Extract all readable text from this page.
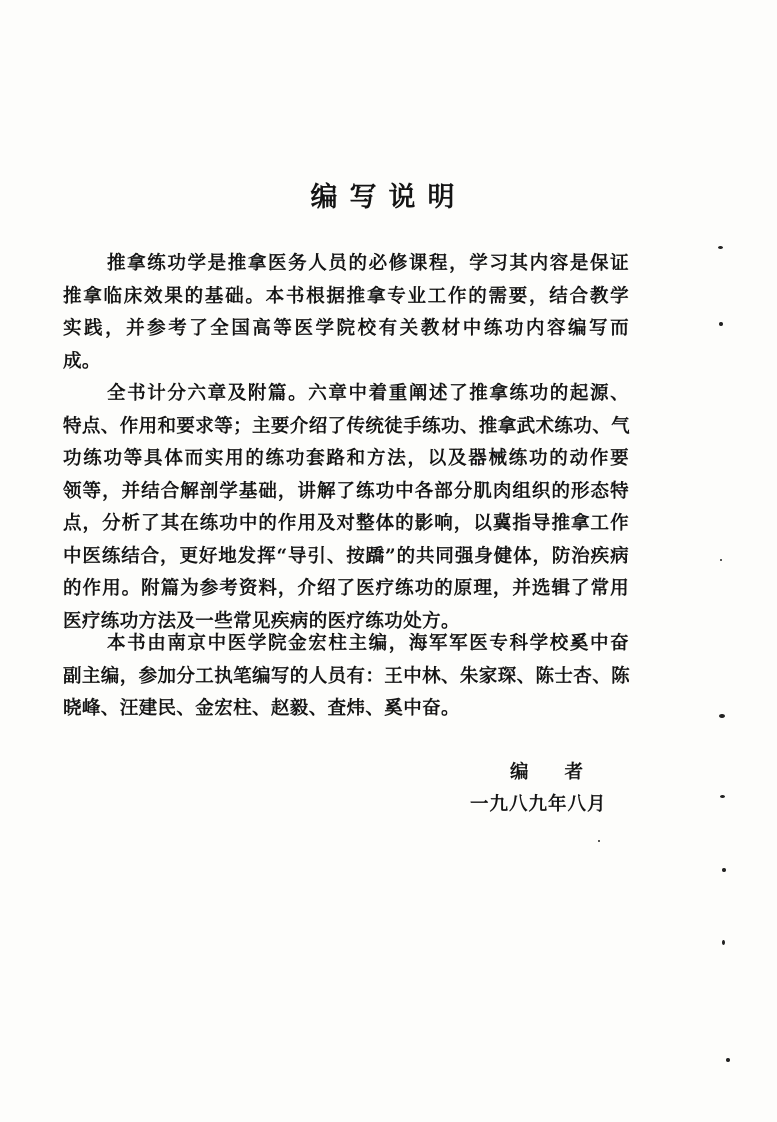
编写说明
推拿练功学是推拿医务人员的必修课程，学习其内容是保证
推拿临床效果的基础。本书根据推拿专业工作的需要，结合教学
实践，并参考了全国高等医学院校有关教材中练功内容编写而
成。
全书计分六章及附篇。六章中着重阐述了推拿练功的起源、
特点、作用和要求等；主要介绍了传统徒手练功、推拿武术练功、气
功练功等具体而实用的练功套路和方法，以及器械练功的动作要
领等，并结合解剖学基础，讲解了练功中各部分肌肉组织的形态特
点，分析了其在练功中的作用及对整体的影响，以冀指导推拿工作
中医练结合，更好地发挥“导引、按蹻”的共同强身健体，防治疾病
的作用。附篇为参考资料，介绍了医疗练功的原理，并选辑了常用
医疗练功方法及一些常见疾病的医疗练功处方。
本书由南京中医学院金宏柱主编，海军军医专科学校奚中奋
副主编，参加分工执笔编写的人员有：王中林、朱家琛、陈士杏、陈
晓峰、汪建民、金宏柱、赵毅、査炜、奚中奋。
编者
一九八九年八月
